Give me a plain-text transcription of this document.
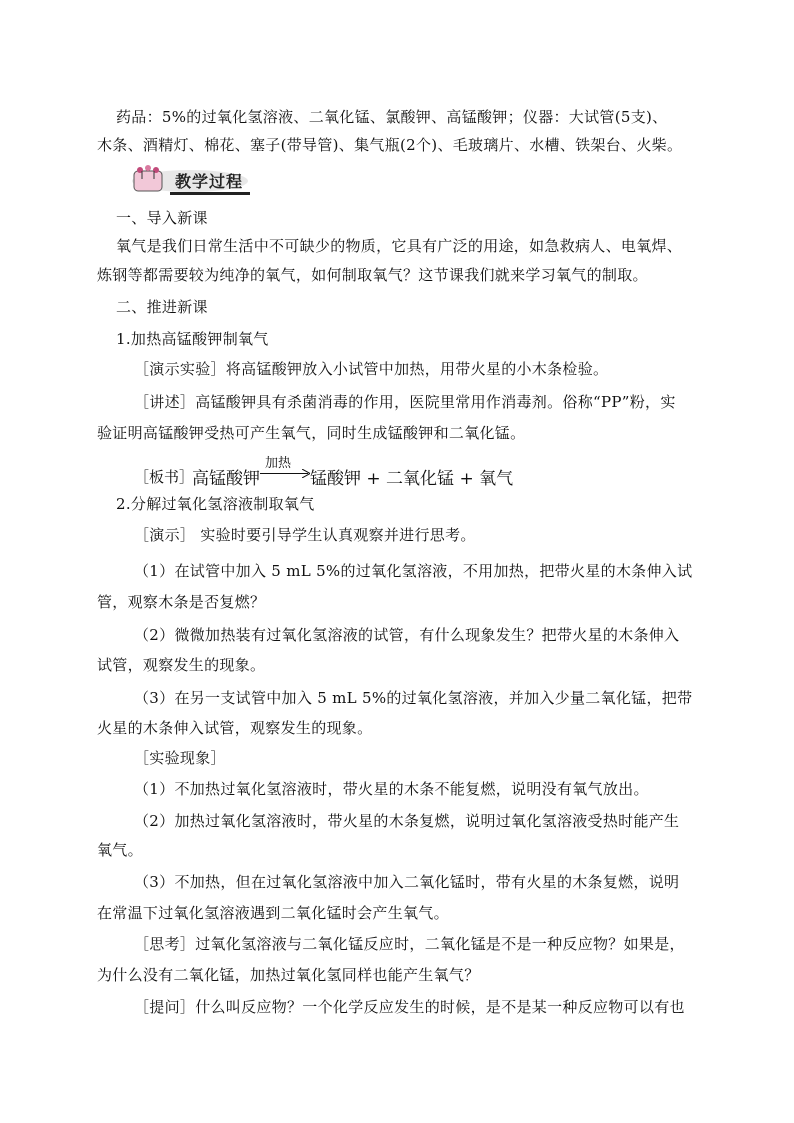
药品：5%的过氧化氢溶液、二氧化锰、氯酸钾、高锰酸钾；仪器：大试管(5支)、
木条、酒精灯、棉花、塞子(带导管)、集气瓶(2个)、毛玻璃片、水槽、铁架台、火柴。
教学过程
一、导入新课
氧气是我们日常生活中不可缺少的物质，它具有广泛的用途，如急救病人、电氧焊、
炼钢等都需要较为纯净的氧气，如何制取氧气？这节课我们就来学习氧气的制取。
二、推进新课
1.加热高锰酸钾制氧气
［演示实验］将高锰酸钾放入小试管中加热，用带火星的小木条检验。
［讲述］高锰酸钾具有杀菌消毒的作用，医院里常用作消毒剂。俗称“PP”粉，实
验证明高锰酸钾受热可产生氧气，同时生成锰酸钾和二氧化锰。
［板书］
高锰酸钾
加热
锰酸钾 + 二氧化锰 + 氧气
2.分解过氧化氢溶液制取氧气
［演示］ 实验时要引导学生认真观察并进行思考。
（1）在试管中加入 5 mL 5%的过氧化氢溶液，不用加热，把带火星的木条伸入试
管，观察木条是否复燃？
（2）微微加热装有过氧化氢溶液的试管，有什么现象发生？把带火星的木条伸入
试管，观察发生的现象。
（3）在另一支试管中加入 5 mL 5%的过氧化氢溶液，并加入少量二氧化锰，把带
火星的木条伸入试管，观察发生的现象。
［实验现象］
（1）不加热过氧化氢溶液时，带火星的木条不能复燃，说明没有氧气放出。
（2）加热过氧化氢溶液时，带火星的木条复燃，说明过氧化氢溶液受热时能产生
氧气。
（3）不加热，但在过氧化氢溶液中加入二氧化锰时，带有火星的木条复燃，说明
在常温下过氧化氢溶液遇到二氧化锰时会产生氧气。
［思考］过氧化氢溶液与二氧化锰反应时，二氧化锰是不是一种反应物？如果是，
为什么没有二氧化锰，加热过氧化氢同样也能产生氧气？
［提问］什么叫反应物？一个化学反应发生的时候，是不是某一种反应物可以有也
